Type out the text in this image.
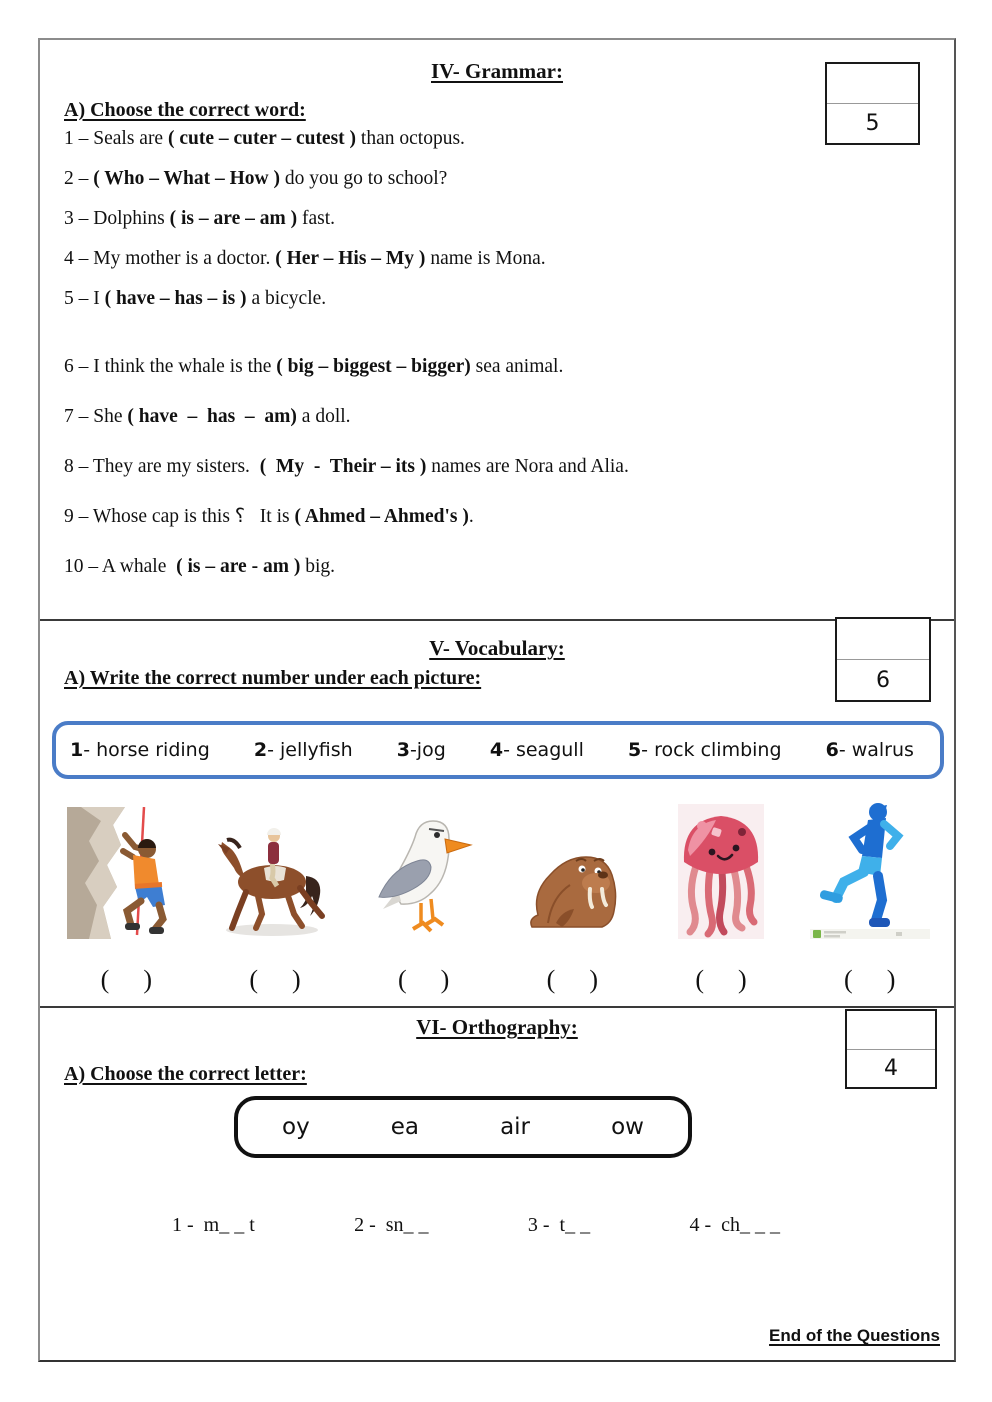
IV- Grammar:
A) Choose the correct word:
1 – Seals are ( cute – cuter – cutest ) than octopus.
2 – ( Who – What – How ) do you go to school?
3 – Dolphins ( is – are – am ) fast.
4 – My mother is a doctor. ( Her – His – My ) name is Mona.
5 – I ( have – has – is ) a bicycle.
6 – I think the whale is the ( big – biggest – bigger) sea animal.
7 – She ( have  –  has  –  am) a doll.
8 – They are my sisters.  (  My  -  Their – its ) names are Nora and Alia.
9 – Whose cap is this ؟   It is ( Ahmed – Ahmed's ).
10 – A whale  ( is – are - am ) big.
V- Vocabulary:
A) Write the correct number under each picture:
1- horse riding 2- jellyfish 3-jog 4- seagull 5- rock climbing 6- walrus
( )	( )	( )	( )	( )	( )
VI- Orthography:
A) Choose the correct letter:
oy	ea	air	ow
1 -  m_ _ t	2 -  sn_ _	3 -  t_ _	4 -  ch_ _ _
5
6
4
End of the Questions
